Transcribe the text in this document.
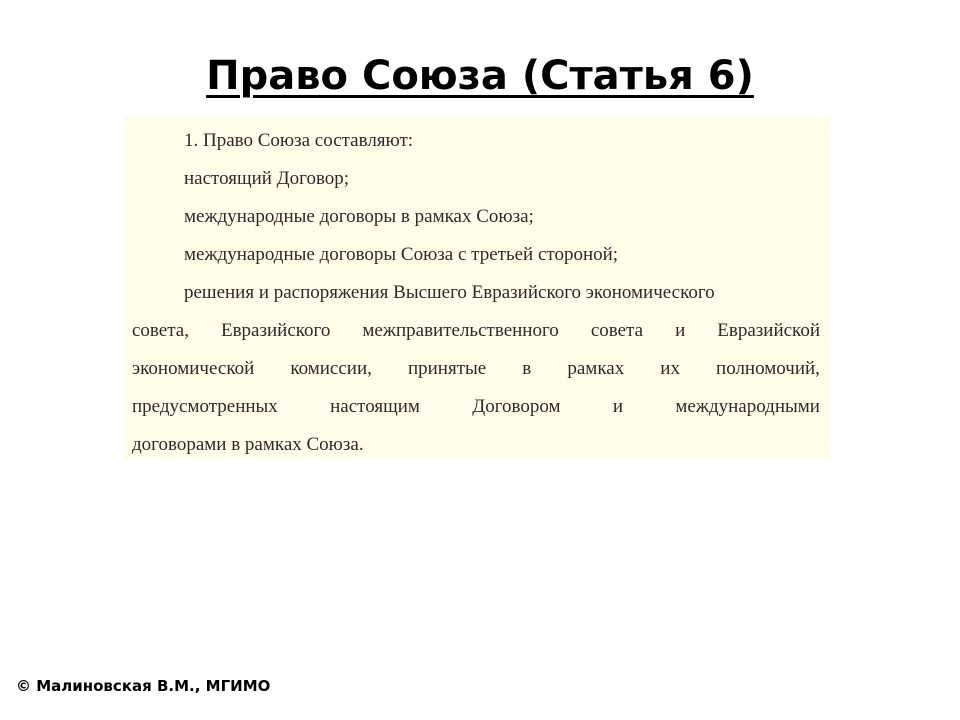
Право Союза (Статья 6)
1. Право Союза составляют:
настоящий Договор;
международные договоры в рамках Союза;
международные договоры Союза с третьей стороной;
решения и распоряжения Высшего Евразийского экономического
совета, Евразийского межправительственного совета и Евразийской
экономической комиссии, принятые в рамках их полномочий,
предусмотренных	настоящим	Договором	и	международными
договорами в рамках Союза.
© Малиновская В.М., МГИМО
